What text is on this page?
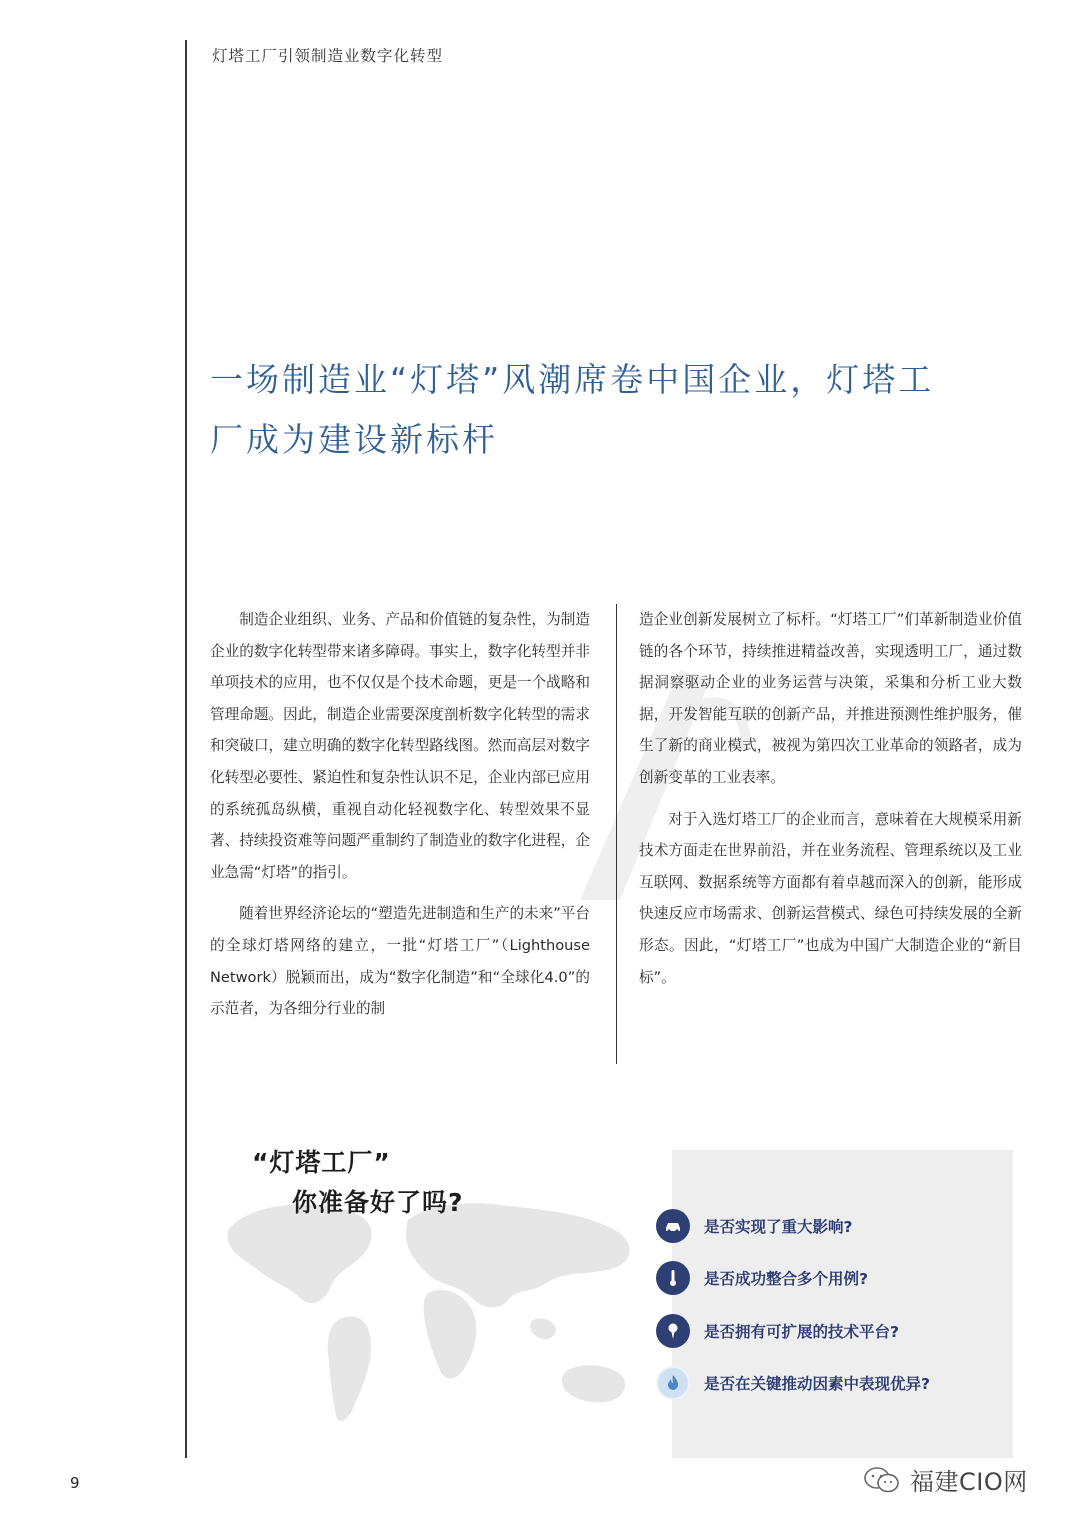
灯塔工厂引领制造业数字化转型
一场制造业“灯塔”风潮席卷中国企业，灯塔工
厂成为建设新标杆

制造企业组织、业务、产品和价值链的复杂性，为制造企业的数字化转型带来诸多障碍。事实上，数字化转型并非单项技术的应用，也不仅仅是个技术命题，更是一个战略和管理命题。因此，制造企业需要深度剖析数字化转型的需求和突破口，建立明确的数字化转型路线图。然而高层对数字化转型必要性、紧迫性和复杂性认识不足，企业内部已应用的系统孤岛纵横，重视自动化轻视数字化、转型效果不显著、持续投资难等问题严重制约了制造业的数字化进程，企业急需“灯塔”的指引。

随着世界经济论坛的“塑造先进制造和生产的未来”平台的全球灯塔网络的建立，一批“灯塔工厂”（Lighthouse Network）脱颖而出，成为“数字化制造”和“全球化4.0”的示范者，为各细分行业的制

造企业创新发展树立了标杆。“灯塔工厂”们革新制造业价值链的各个环节，持续推进精益改善，实现透明工厂，通过数据洞察驱动企业的业务运营与决策，采集和分析工业大数据，开发智能互联的创新产品，并推进预测性维护服务，催生了新的商业模式，被视为第四次工业革命的领路者，成为创新变革的工业表率。

对于入选灯塔工厂的企业而言，意味着在大规模采用新技术方面走在世界前沿，并在业务流程、管理系统以及工业互联网、数据系统等方面都有着卓越而深入的创新，能形成快速反应市场需求、创新运营模式、绿色可持续发展的全新形态。因此，“灯塔工厂”也成为中国广大制造企业的“新目标”。

“灯塔工厂”
你准备好了吗?
是否实现了重大影响?
是否成功整合多个用例?
是否拥有可扩展的技术平台?
是否在关键推动因素中表现优异?
9	福建CIO网
